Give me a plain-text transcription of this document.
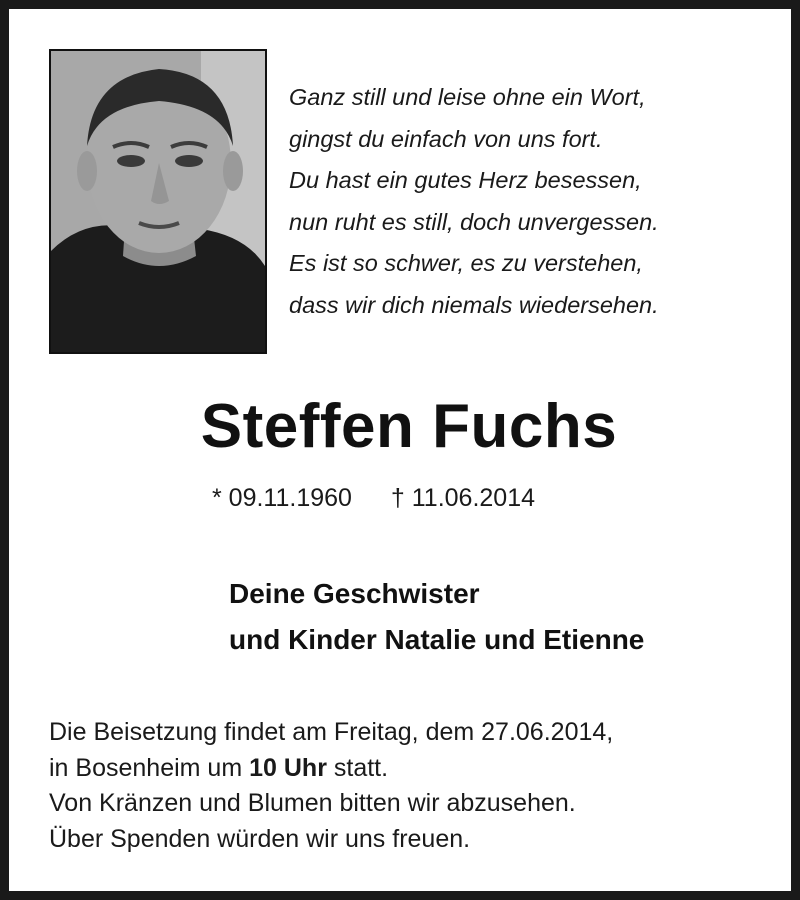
Ganz still und leise ohne ein Wort,
gingst du einfach von uns fort.
Du hast ein gutes Herz besessen,
nun ruht es still, doch unvergessen.
Es ist so schwer, es zu verstehen,
dass wir dich niemals wiedersehen.
Steffen Fuchs
* 09.11.1960 † 11.06.2014
Deine Geschwister
und Kinder Natalie und Etienne
Die Beisetzung findet am Freitag, dem 27.06.2014,
in Bosenheim um 10 Uhr statt.
Von Kränzen und Blumen bitten wir abzusehen.
Über Spenden würden wir uns freuen.
